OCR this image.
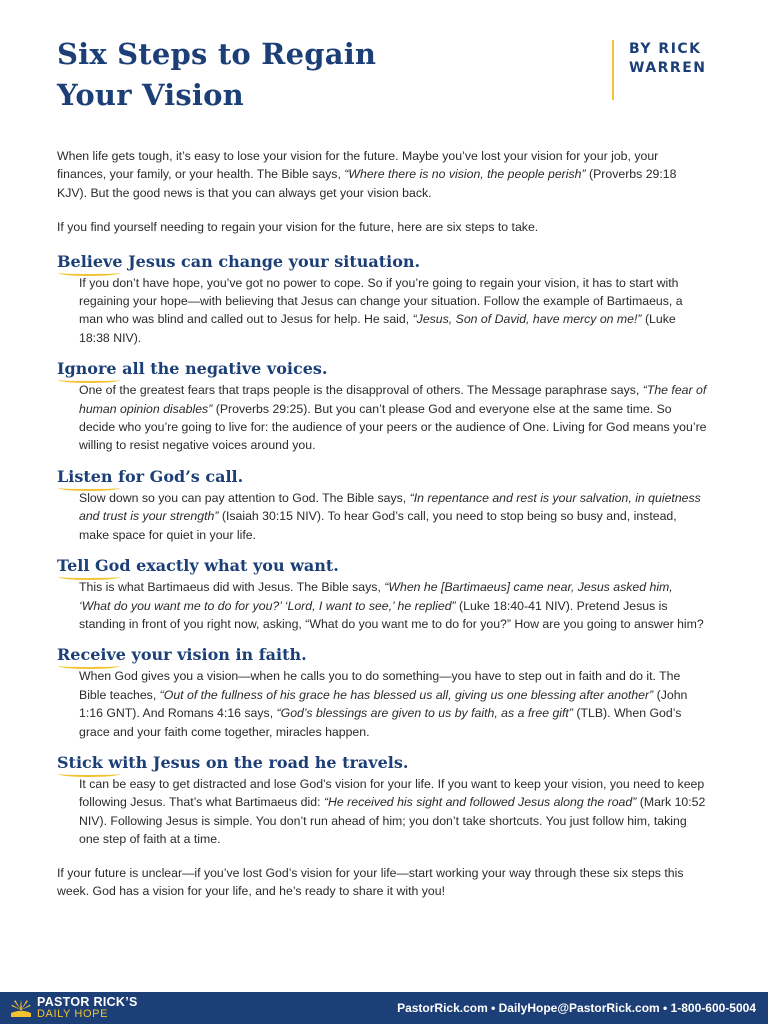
Six Steps to Regain
Your Vision
BY RICK
WARREN

When life gets tough, it’s easy to lose your vision for the future. Maybe you’ve lost your vision for your job, your finances, your family, or your health. The Bible says, “Where there is no vision, the people perish” (Proverbs 29:18 KJV). But the good news is that you can always get your vision back.

If you find yourself needing to regain your vision for the future, here are six steps to take.

Believe Jesus can change your situation.

If you don’t have hope, you’ve got no power to cope. So if you’re going to regain your vision, it has to start with regaining your hope—with believing that Jesus can change your situation. Follow the example of Bartimaeus, a man who was blind and called out to Jesus for help. He said, “Jesus, Son of David, have mercy on me!” (Luke 18:38 NIV).

Ignore all the negative voices.

One of the greatest fears that traps people is the disapproval of others. The Message paraphrase says, “The fear of human opinion disables” (Proverbs 29:25). But you can’t please God and everyone else at the same time. So decide who you’re going to live for: the audience of your peers or the audience of One. Living for God means you’re willing to resist negative voices around you.

Listen for God’s call.

Slow down so you can pay attention to God. The Bible says, “In repentance and rest is your salvation, in quietness and trust is your strength” (Isaiah 30:15 NIV). To hear God’s call, you need to stop being so busy and, instead, make space for quiet in your life.

Tell God exactly what you want.

This is what Bartimaeus did with Jesus. The Bible says, “When he [Bartimaeus] came near, Jesus asked him, ‘What do you want me to do for you?’ ‘Lord, I want to see,’ he replied” (Luke 18:40-41 NIV). Pretend Jesus is standing in front of you right now, asking, “What do you want me to do for you?” How are you going to answer him?

Receive your vision in faith.

When God gives you a vision—when he calls you to do something—you have to step out in faith and do it. The Bible teaches, “Out of the fullness of his grace he has blessed us all, giving us one blessing after another” (John 1:16 GNT). And Romans 4:16 says, “God’s blessings are given to us by faith, as a free gift” (TLB). When God’s grace and your faith come together, miracles happen.

Stick with Jesus on the road he travels.

It can be easy to get distracted and lose God’s vision for your life. If you want to keep your vision, you need to keep following Jesus. That’s what Bartimaeus did: “He received his sight and followed Jesus along the road” (Mark 10:52 NIV). Following Jesus is simple. You don’t run ahead of him; you don’t take shortcuts. You just follow him, taking one step of faith at a time.

If your future is unclear—if you’ve lost God’s vision for your life—start working your way through these six steps this week. God has a vision for your life, and he’s ready to share it with you!

PASTOR RICK’S
DAILY HOPE	PastorRick.com • DailyHope@PastorRick.com • 1-800-600-5004
